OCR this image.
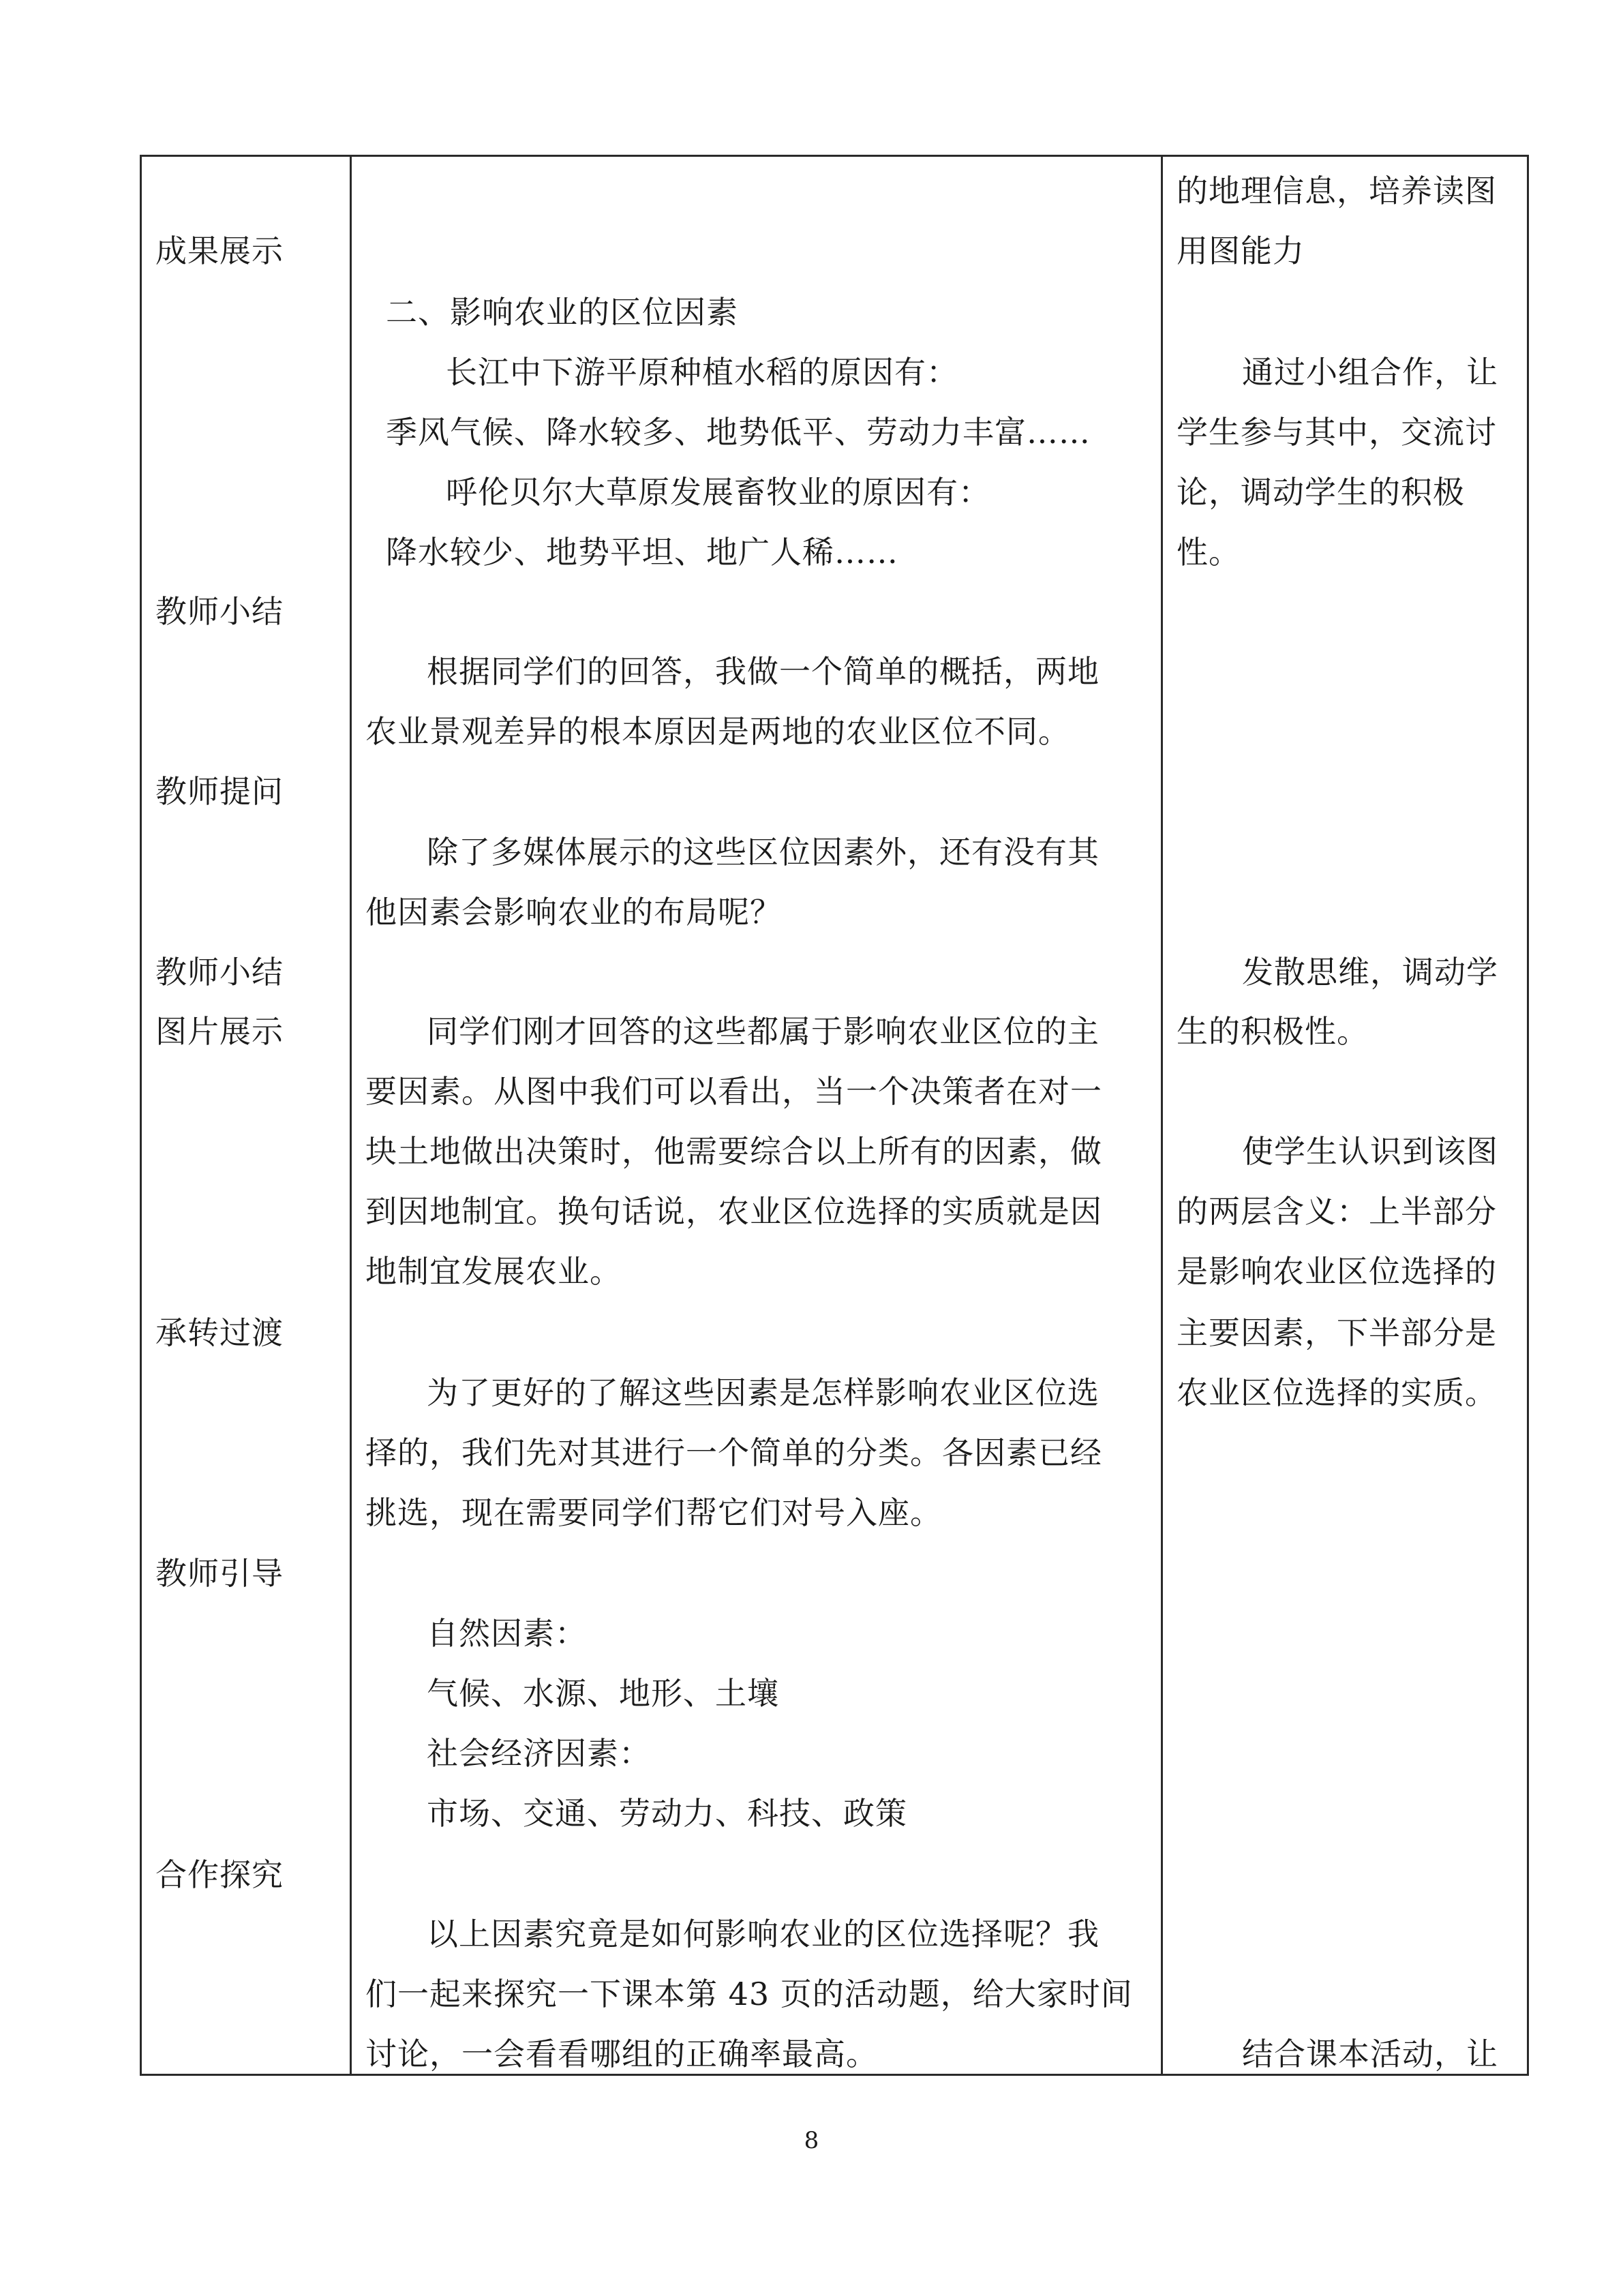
成果展示
教师小结
教师提问
教师小结
图片展示
承转过渡
教师引导
合作探究
二、影响农业的区位因素
长江中下游平原种植水稻的原因有：
季风气候、降水较多、地势低平、劳动力丰富……
呼伦贝尔大草原发展畜牧业的原因有：
降水较少、地势平坦、地广人稀……
根据同学们的回答，我做一个简单的概括，两地
农业景观差异的根本原因是两地的农业区位不同。
除了多媒体展示的这些区位因素外，还有没有其
他因素会影响农业的布局呢？
同学们刚才回答的这些都属于影响农业区位的主
要因素。从图中我们可以看出，当一个决策者在对一
块土地做出决策时，他需要综合以上所有的因素，做
到因地制宜。换句话说，农业区位选择的实质就是因
地制宜发展农业。
为了更好的了解这些因素是怎样影响农业区位选
择的，我们先对其进行一个简单的分类。各因素已经
挑选，现在需要同学们帮它们对号入座。
自然因素：
气候、水源、地形、土壤
社会经济因素：
市场、交通、劳动力、科技、政策
以上因素究竟是如何影响农业的区位选择呢？我
们一起来探究一下课本第 43 页的活动题，给大家时间
讨论，一会看看哪组的正确率最高。
的地理信息，培养读图
用图能力
通过小组合作，让
学生参与其中，交流讨
论，调动学生的积极
性。
发散思维，调动学
生的积极性。
使学生认识到该图
的两层含义：上半部分
是影响农业区位选择的
主要因素，下半部分是
农业区位选择的实质。
结合课本活动，让
8
